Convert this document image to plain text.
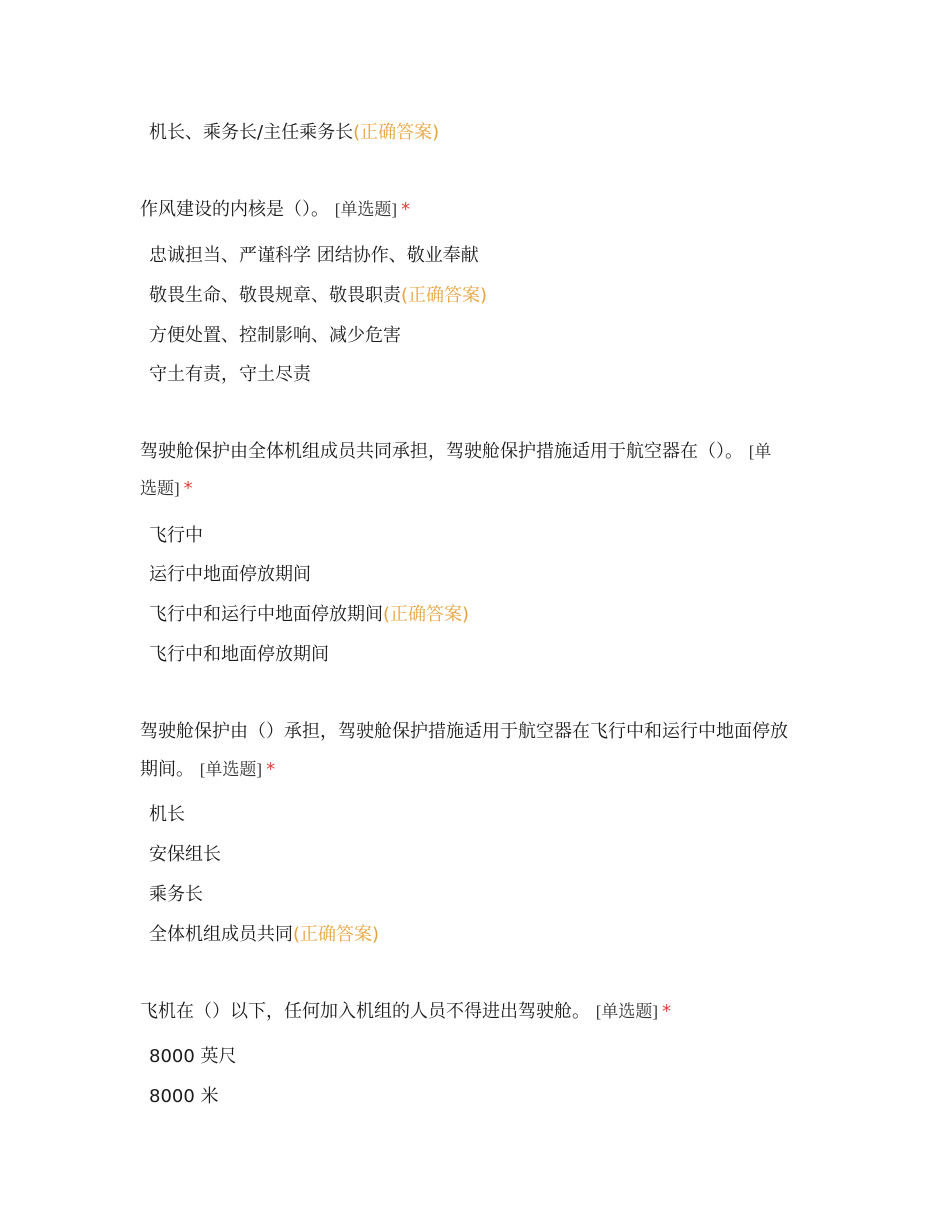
机长、乘务长/主任乘务长(正确答案)
作风建设的内核是（）。 [单选题] *
忠诚担当、严谨科学 团结协作、敬业奉献
敬畏生命、敬畏规章、敬畏职责(正确答案)
方便处置、控制影响、减少危害
守土有责，守土尽责
驾驶舱保护由全体机组成员共同承担，驾驶舱保护措施适用于航空器在（）。 [单
选题] *
飞行中
运行中地面停放期间
飞行中和运行中地面停放期间(正确答案)
飞行中和地面停放期间
驾驶舱保护由（）承担，驾驶舱保护措施适用于航空器在飞行中和运行中地面停放
期间。 [单选题] *
机长
安保组长
乘务长
全体机组成员共同(正确答案)
飞机在（）以下，任何加入机组的人员不得进出驾驶舱。 [单选题] *
8000 英尺
8000 米
